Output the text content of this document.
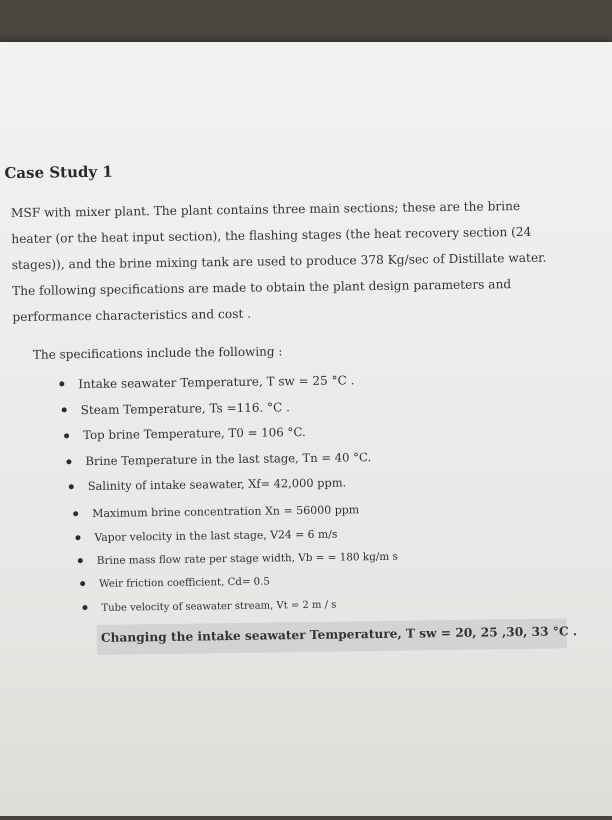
Case Study 1
MSF with mixer plant. The plant contains three main sections; these are the brine
heater (or the heat input section), the flashing stages (the heat recovery section (24
stages)), and the brine mixing tank are used to produce 378 Kg/sec of Distillate water.
The following specifications are made to obtain the plant design parameters and
performance characteristics and cost .
The specifications include the following :
Intake seawater Temperature, T sw = 25 °C .
Steam Temperature, Ts =116. °C .
Top brine Temperature, T0 = 106 °C.
Brine Temperature in the last stage, Tn = 40 °C.
Salinity of intake seawater, Xf= 42,000 ppm.
Maximum brine concentration Xn = 56000 ppm
Vapor velocity in the last stage, V24 = 6 m/s
Brine mass flow rate per stage width, Vb = = 180 kg/m s
Weir friction coefficient, Cd= 0.5
Tube velocity of seawater stream, Vt = 2 m / s
Changing the intake seawater Temperature, T sw = 20, 25 ,30, 33 °C .
